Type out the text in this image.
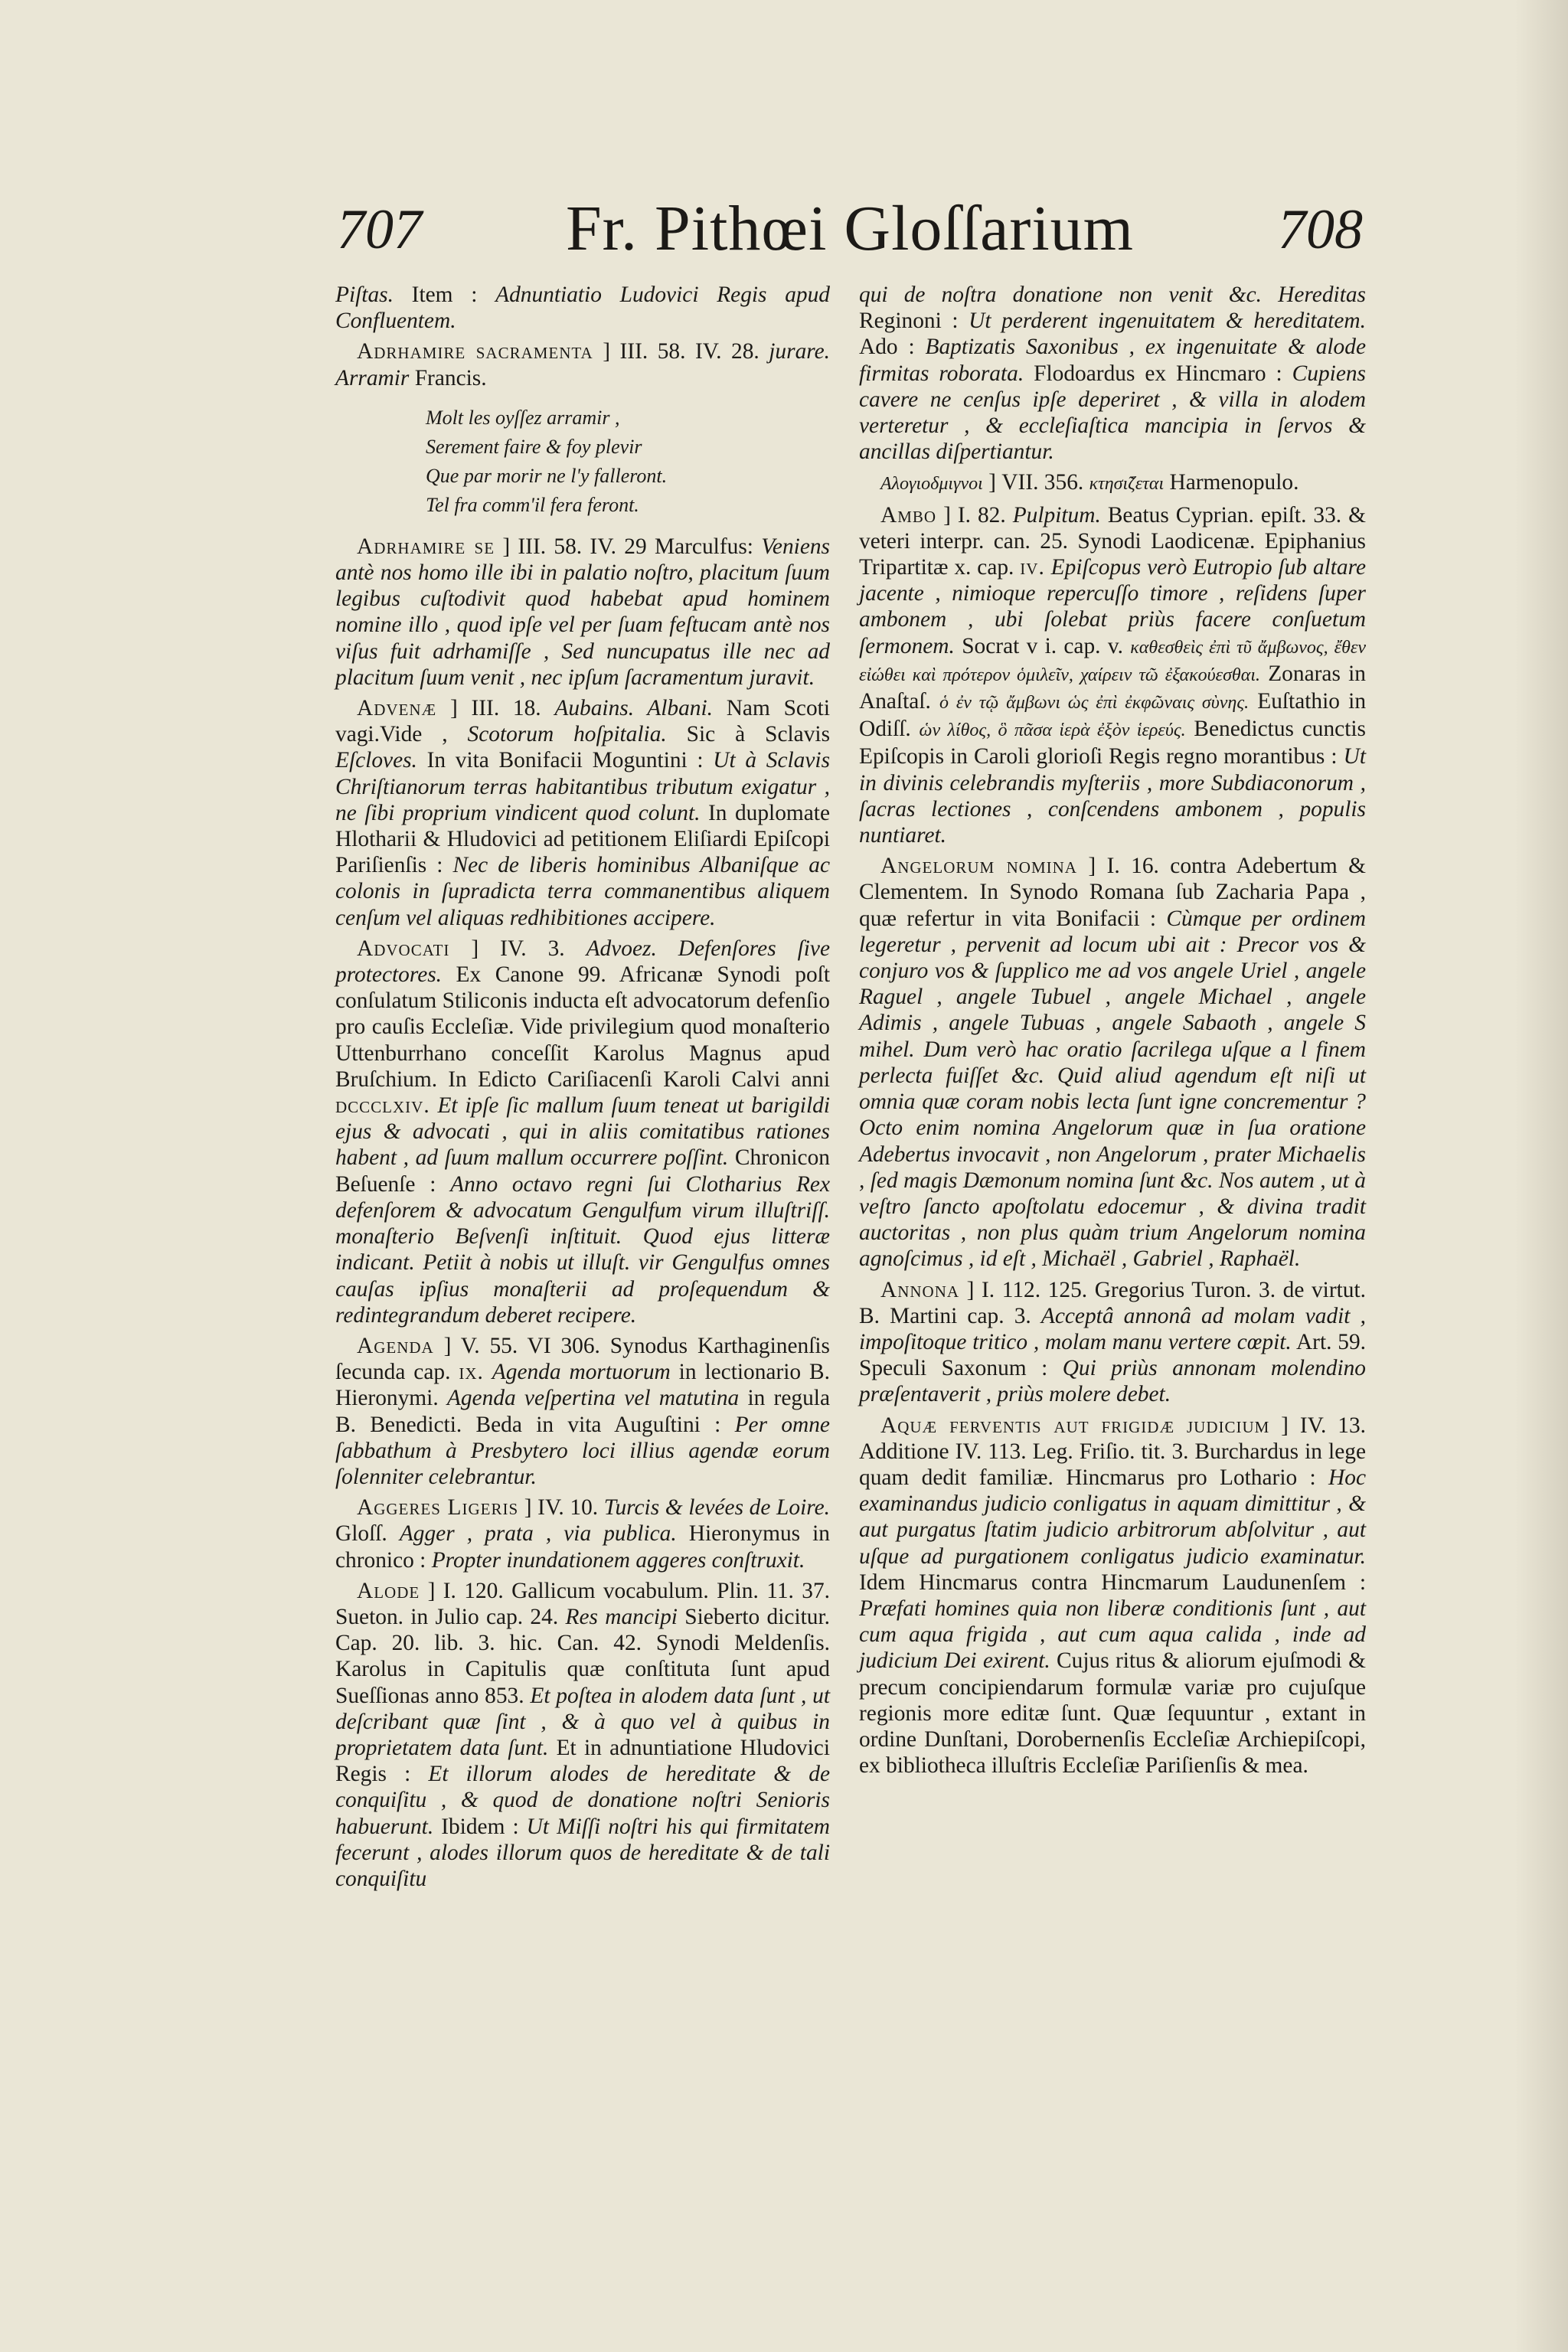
707	Fr. Pithœi Gloſſarium	708

Piſtas. Item : Adnuntiatio Ludovici Regis apud Confluentem.

Adrhamire sacramenta ] III. 58. IV. 28. jurare. Arramir Francis.

Molt les oyſſez arramir ,

Serement faire & foy plevir

Que par morir ne l'y falleront.

Tel fra comm'il fera feront.

Adrhamire se ] III. 58. IV. 29 Marculfus: Veniens antè nos homo ille ibi in palatio noſtro, placitum ſuum legibus cuſtodivit quod habebat apud hominem nomine illo , quod ipſe vel per ſuam feſtucam antè nos viſus fuit adrhamiſſe , Sed nuncupatus ille nec ad placitum ſuum venit , nec ipſum ſacramentum juravit.

Advenæ ] III. 18. Aubains. Albani. Nam Scoti vagi.Vide , Scotorum hoſpitalia. Sic à Sclavis Eſcloves. In vita Bonifacii Moguntini : Ut à Sclavis Chriſtianorum terras habitantibus tributum exigatur , ne ſibi proprium vindicent quod colunt. In duplomate Hlotharii & Hludovici ad petitionem Eliſiardi Epiſcopi Pariſienſis : Nec de liberis hominibus Albaniſque ac colonis in ſupradicta terra commanentibus aliquem cenſum vel aliquas redhibitiones accipere.

Advocati ] IV. 3. Advoez. Defenſores ſive protectores. Ex Canone 99. Africanæ Synodi poſt conſulatum Stiliconis inducta eſt advocatorum defenſio pro cauſis Eccleſiæ. Vide privilegium quod monaſterio Uttenburrhano conceſſit Karolus Magnus apud Bruſchium. In Edicto Cariſiacenſi Karoli Calvi anni dccclxiv. Et ipſe ſic mallum ſuum teneat ut barigildi ejus & advocati , qui in aliis comitatibus rationes habent , ad ſuum mallum occurrere poſſint. Chronicon Beſuenſe : Anno octavo regni ſui Clotharius Rex defenſorem & advocatum Gengulfum virum illuſtriſſ. monaſterio Beſvenſi inſtituit. Quod ejus litteræ indicant. Petiit à nobis ut illuſt. vir Gengulfus omnes cauſas ipſius monaſterii ad proſequendum & redintegrandum deberet recipere.

Agenda ] V. 55. VI 306. Synodus Karthaginenſis ſecunda cap. ix. Agenda mortuorum in lectionario B. Hieronymi. Agenda veſpertina vel matutina in regula B. Benedicti. Beda in vita Auguſtini : Per omne ſabbathum à Presbytero loci illius agendæ eorum ſolenniter celebrantur.

Aggeres Ligeris ] IV. 10. Turcis & levées de Loire. Gloſſ. Agger , prata , via publica. Hieronymus in chronico : Propter inundationem aggeres conſtruxit.

Alode ] I. 120. Gallicum vocabulum. Plin. 11. 37. Sueton. in Julio cap. 24. Res mancipi Sieberto dicitur. Cap. 20. lib. 3. hic. Can. 42. Synodi Meldenſis. Karolus in Capitulis quæ conſtituta ſunt apud Sueſſionas anno 853. Et poſtea in alodem data ſunt , ut deſcribant quæ ſint , & à quo vel à quibus in proprietatem data ſunt. Et in adnuntiatione Hludovici Regis : Et illorum alodes de hereditate & de conquiſitu , & quod de donatione noſtri Senioris habuerunt. Ibidem : Ut Miſſi noſtri his qui firmitatem fecerunt , alodes illorum quos de hereditate & de tali conquiſitu

qui de noſtra donatione non venit &c. Hereditas Reginoni : Ut perderent ingenuitatem & hereditatem. Ado : Baptizatis Saxonibus , ex ingenuitate & alode firmitas roborata. Flodoardus ex Hincmaro : Cupiens cavere ne cenſus ipſe deperiret , & villa in alodem verteretur , & eccleſiaſtica mancipia in ſervos & ancillas diſpertiantur.

Αλογιοδμιγνοι ] VII. 356. κτησι̃ζεται Harmenopulo.

Ambo ] I. 82. Pulpitum. Beatus Cyprian. epiſt. 33. & veteri interpr. can. 25. Synodi Laodicenæ. Epiphanius Tripartitæ x. cap. iv. Epiſcopus verò Eutropio ſub altare jacente , nimioque repercuſſo timore , reſidens ſuper ambonem , ubi ſolebat priùs facere conſuetum ſermonem. Socrat v i. cap. v. καθεσθεὶς ἐπὶ τῦ ἄμβωνος, ἔθεν εἰώθει καὶ πρότερον ὁμιλεῖν, χαίρειν τῶ ἐξακούεσθαι. Zonaras in Anaſtaſ. ὁ ἐν τῷ ἄμβωνι ὡς ἐπὶ ἐκφῶναις σὺνης. Euſtathio in Odiſſ. ὡν λίθος, ὃ πᾶσα ἱερὰ ἐξὸν ἱερεύς. Benedictus cunctis Epiſcopis in Caroli glorioſi Regis regno morantibus : Ut in divinis celebrandis myſteriis , more Subdiaconorum , ſacras lectiones , conſcendens ambonem , populis nuntiaret.

Angelorum nomina ] I. 16. contra Adebertum & Clementem. In Synodo Romana ſub Zacharia Papa , quæ refertur in vita Bonifacii : Cùmque per ordinem legeretur , pervenit ad locum ubi ait : Precor vos & conjuro vos & ſupplico me ad vos angele Uriel , angele Raguel , angele Tubuel , angele Michael , angele Adimis , angele Tubuas , angele Sabaoth , angele S mihel. Dum verò hac oratio ſacrilega uſque a l finem perlecta fuiſſet &c. Quid aliud agendum eſt niſi ut omnia quæ coram nobis lecta ſunt igne concrementur ? Octo enim nomina Angelorum quæ in ſua oratione Adebertus invocavit , non Angelorum , prater Michaelis , ſed magis Dæmonum nomina ſunt &c. Nos autem , ut à veſtro ſancto apoſtolatu edocemur , & divina tradit auctoritas , non plus quàm trium Angelorum nomina agnoſcimus , id eſt , Michaël , Gabriel , Raphaël.

Annona ] I. 112. 125. Gregorius Turon. 3. de virtut. B. Martini cap. 3. Acceptâ annonâ ad molam vadit , impoſitoque tritico , molam manu vertere cœpit. Art. 59. Speculi Saxonum : Qui priùs annonam molendino præſentaverit , priùs molere debet.

Aquæ ferventis aut frigidæ judicium ] IV. 13. Additione IV. 113. Leg. Friſio. tit. 3. Burchardus in lege quam dedit familiæ. Hincmarus pro Lothario : Hoc examinandus judicio conligatus in aquam dimittitur , & aut purgatus ſtatim judicio arbitrorum abſolvitur , aut uſque ad purgationem conligatus judicio examinatur. Idem Hincmarus contra Hincmarum Laudunenſem : Præfati homines quia non liberæ conditionis ſunt , aut cum aqua frigida , aut cum aqua calida , inde ad judicium Dei exirent. Cujus ritus & aliorum ejuſmodi & precum concipiendarum formulæ variæ pro cujuſque regionis more editæ ſunt. Quæ ſequuntur , extant in ordine Dunſtani, Dorobernenſis Eccleſiæ Archiepiſcopi, ex bibliotheca illuſtris Eccleſiæ Pariſienſis & mea.
